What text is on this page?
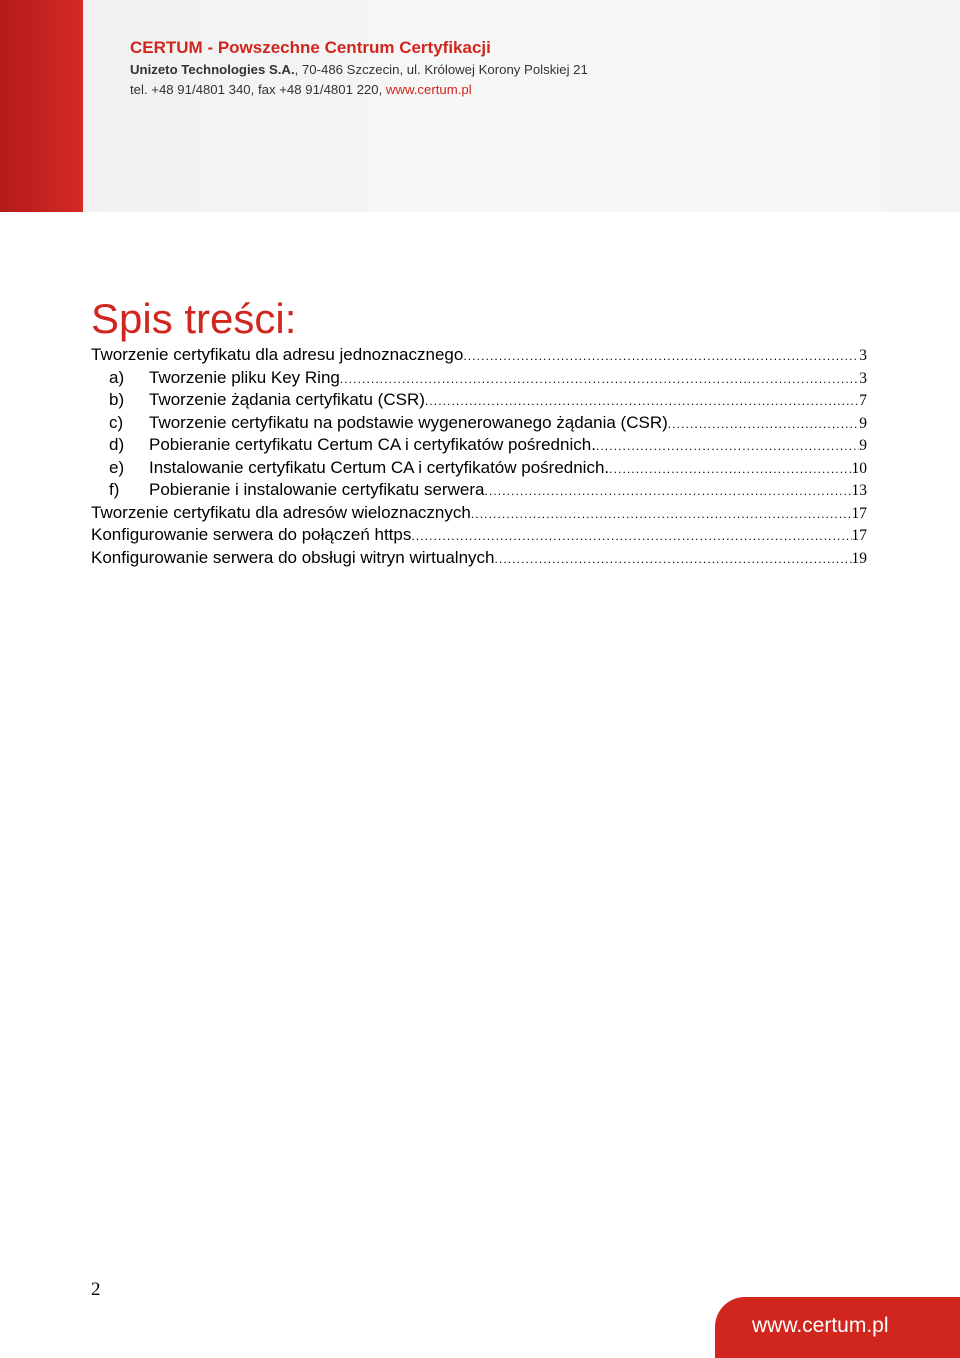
CERTUM - Powszechne Centrum Certyfikacji
Unizeto Technologies S.A., 70-486 Szczecin, ul. Królowej Korony Polskiej 21
tel. +48 91/4801 340, fax +48 91/4801 220, www.certum.pl
Spis treści:
Tworzenie certyfikatu dla adresu jednoznacznego .....	3
a)	Tworzenie pliku Key Ring .....	3
b)	Tworzenie żądania certyfikatu (CSR) .....	7
c)	Tworzenie certyfikatu na podstawie wygenerowanego żądania (CSR) .....	9
d)	Pobieranie certyfikatu Certum CA i certyfikatów pośrednich. .....	9
e)	Instalowanie certyfikatu Certum CA i certyfikatów pośrednich. .....	10
f)	Pobieranie i instalowanie certyfikatu serwera .....	13
Tworzenie certyfikatu dla adresów wieloznacznych .....	17
Konfigurowanie serwera do połączeń https .....	17
Konfigurowanie serwera do obsługi witryn wirtualnych .....	19
2
www.certum.pl
